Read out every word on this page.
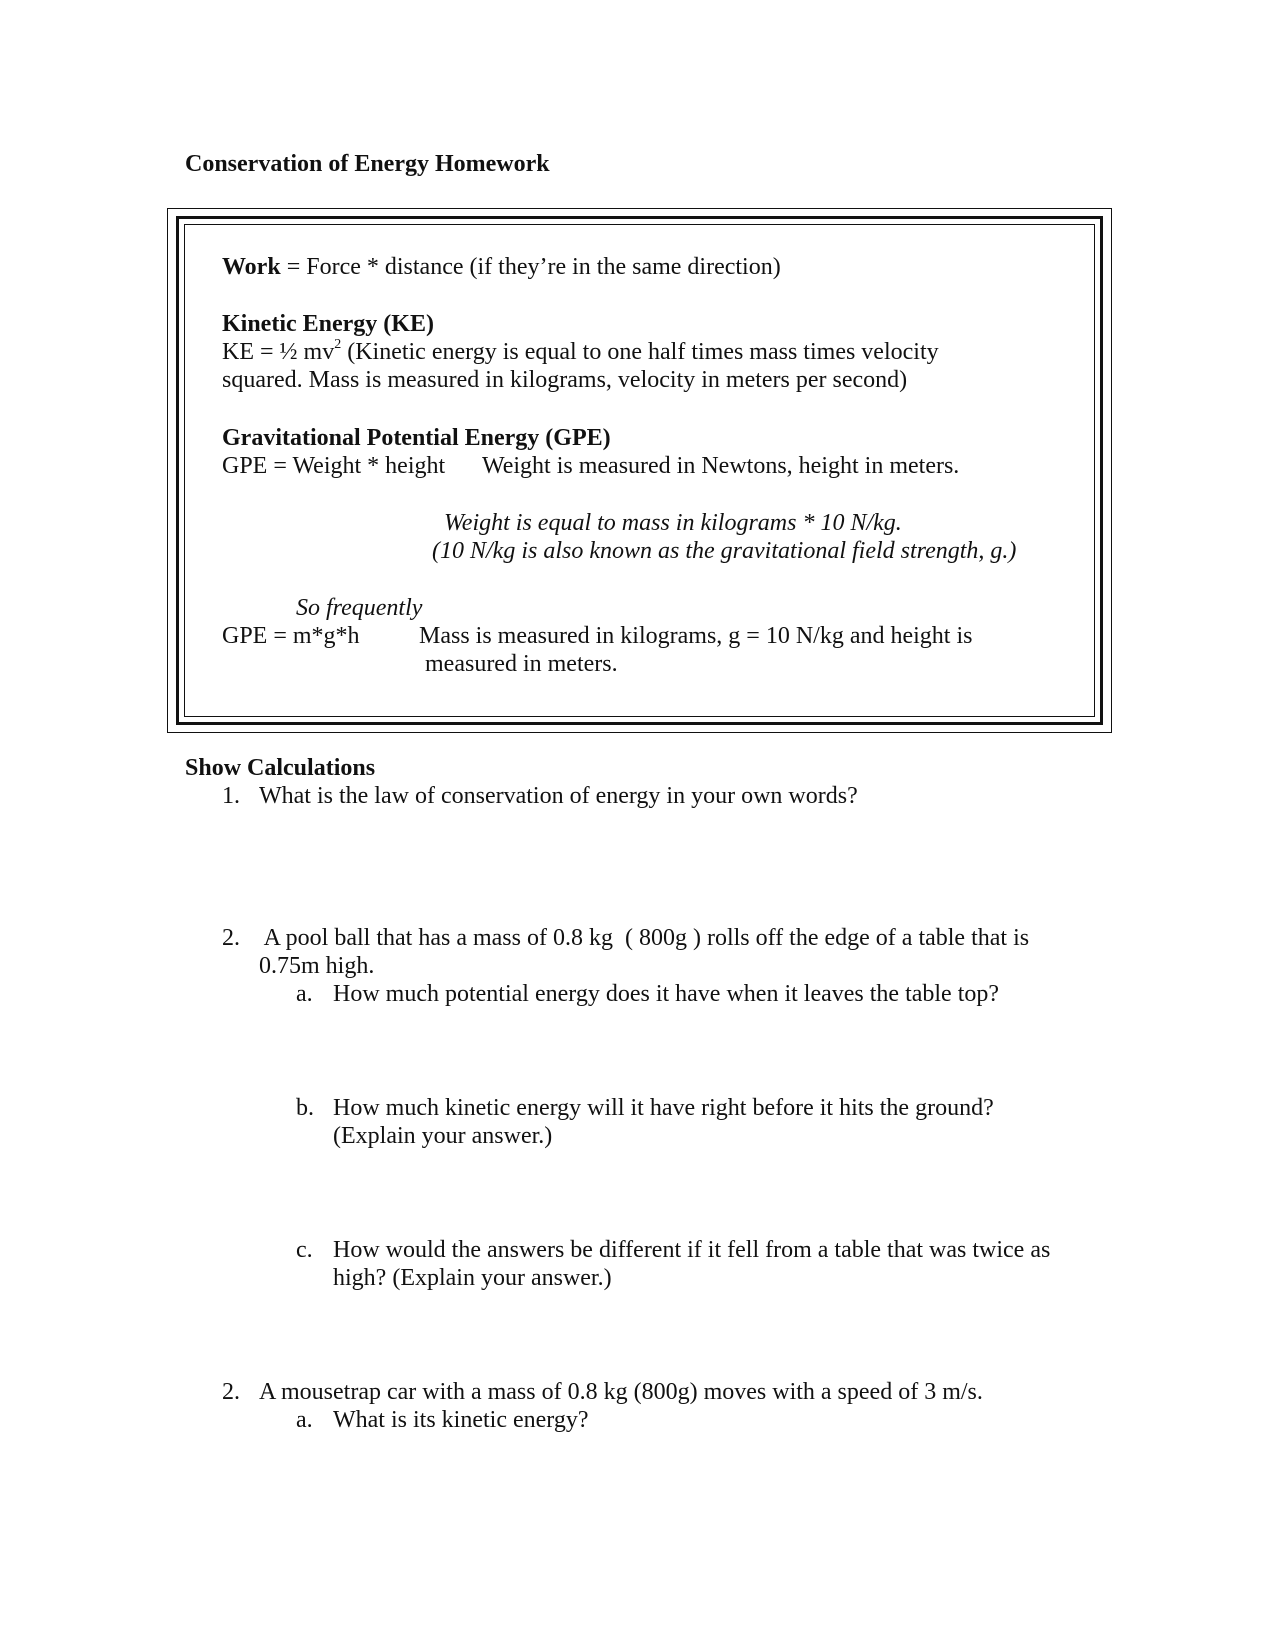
Conservation of Energy Homework
Work = Force * distance (if they’re in the same direction)
Kinetic Energy (KE)
KE = ½ $mv^2$ (Kinetic energy is equal to one half times mass times velocity
squared. Mass is measured in kilograms, velocity in meters per second)
Gravitational Potential Energy (GPE)
GPE = Weight * height Weight is measured in Newtons, height in meters.
Weight is equal to mass in kilograms * 10 N/kg.
(10 N/kg is also known as the gravitational field strength, g.)
So frequently
GPE = m*g*h Mass is measured in kilograms, g = 10 N/kg and height is
measured in meters.
Show Calculations
1. What is the law of conservation of energy in your own words?
2. A pool ball that has a mass of 0.8 kg  ( 800g ) rolls off the edge of a table that is
0.75m high.
a. How much potential energy does it have when it leaves the table top?
b. How much kinetic energy will it have right before it hits the ground?
(Explain your answer.)
c. How would the answers be different if it fell from a table that was twice as
high? (Explain your answer.)
2. A mousetrap car with a mass of 0.8 kg (800g) moves with a speed of 3 m/s.
a. What is its kinetic energy?
